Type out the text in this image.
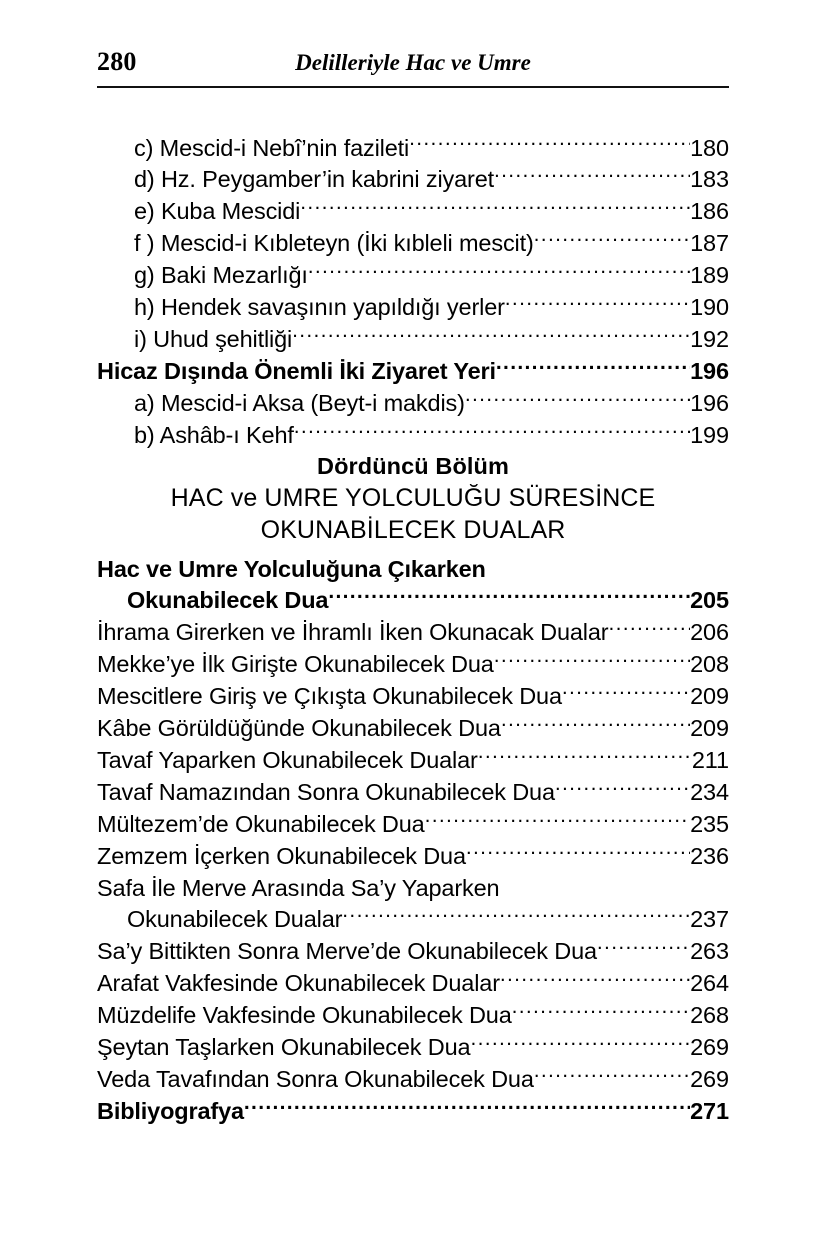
280	Delilleriyle Hac ve Umre
c) Mescid-i Nebî’nin fazileti .....	180
d) Hz. Peygamber’in kabrini ziyaret .....	183
e) Kuba Mescidi .....	186
f ) Mescid-i Kıbleteyn (İki kıbleli mescit) .....	187
g) Baki Mezarlığı .....	189
h) Hendek savaşının yapıldığı yerler .....	190
i) Uhud şehitliği .....	192
Hicaz Dışında Önemli İki Ziyaret Yeri .....	196
a) Mescid-i Aksa (Beyt-i makdis) .....	196
b) Ashâb-ı Kehf .....	199
Dördüncü Bölüm
HAC ve UMRE YOLCULUĞU SÜRESİNCE
OKUNABİLECEK DUALAR
Hac ve Umre Yolculuğuna Çıkarken
Okunabilecek Dua .....	205
İhrama Girerken ve İhramlı İken Okunacak Dualar .....	206
Mekke’ye İlk Girişte Okunabilecek Dua .....	208
Mescitlere Giriş ve Çıkışta Okunabilecek Dua .....	209
Kâbe Görüldüğünde Okunabilecek Dua .....	209
Tavaf Yaparken Okunabilecek Dualar .....	211
Tavaf Namazından Sonra Okunabilecek Dua .....	234
Mültezem’de Okunabilecek Dua .....	235
Zemzem İçerken Okunabilecek Dua .....	236
Safa İle Merve Arasında Sa’y Yaparken
Okunabilecek Dualar .....	237
Sa’y Bittikten Sonra Merve’de Okunabilecek Dua .....	263
Arafat Vakfesinde Okunabilecek Dualar .....	264
Müzdelife Vakfesinde Okunabilecek Dua .....	268
Şeytan Taşlarken Okunabilecek Dua .....	269
Veda Tavafından Sonra Okunabilecek Dua .....	269
Bibliyografya .....	271
